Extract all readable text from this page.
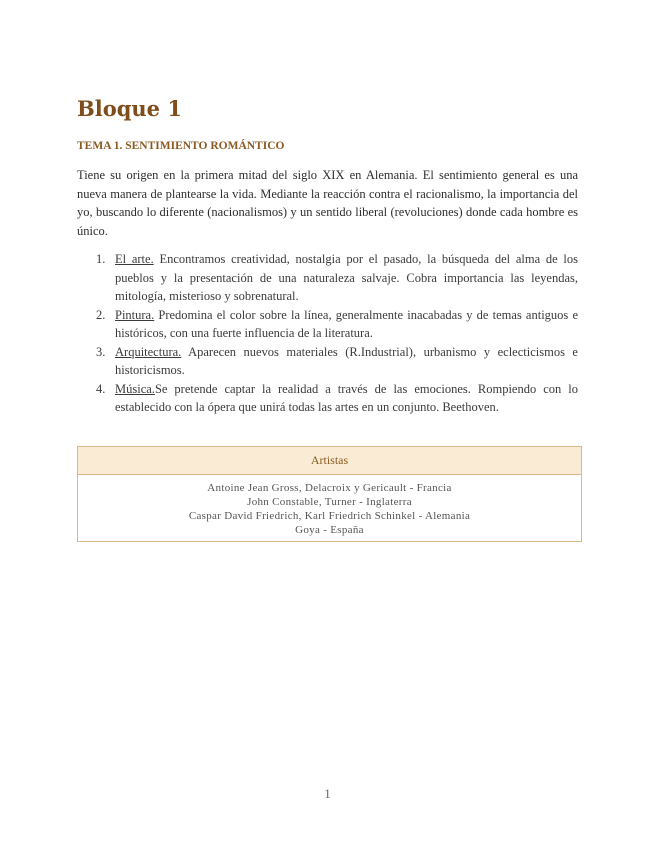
Bloque 1
TEMA 1. SENTIMIENTO ROMÁNTICO

Tiene su origen en la primera mitad del siglo XIX en Alemania. El sentimiento general es una nueva manera de plantearse la vida. Mediante la reacción contra el racionalismo, la importancia del yo, buscando lo diferente (nacionalismos) y un sentido liberal (revoluciones) donde cada hombre es único.

1. El arte. Encontramos creatividad, nostalgia por el pasado, la búsqueda del alma de los pueblos y la presentación de una naturaleza salvaje. Cobra importancia las leyendas, mitología, misterioso y sobrenatural.
2. Pintura. Predomina el color sobre la línea, generalmente inacabadas y de temas antiguos e históricos, con una fuerte influencia de la literatura.
3. Arquitectura. Aparecen nuevos materiales (R.Industrial), urbanismo y eclecticismos e historicismos.
4. Música.Se pretende captar la realidad a través de las emociones. Rompiendo con lo establecido con la ópera que unirá todas las artes en un conjunto. Beethoven.
Artistas
Antoine Jean Gross, Delacroix y Gericault - Francia
John Constable, Turner - Inglaterra
Caspar David Friedrich, Karl Friedrich Schinkel - Alemania
Goya - España
1
